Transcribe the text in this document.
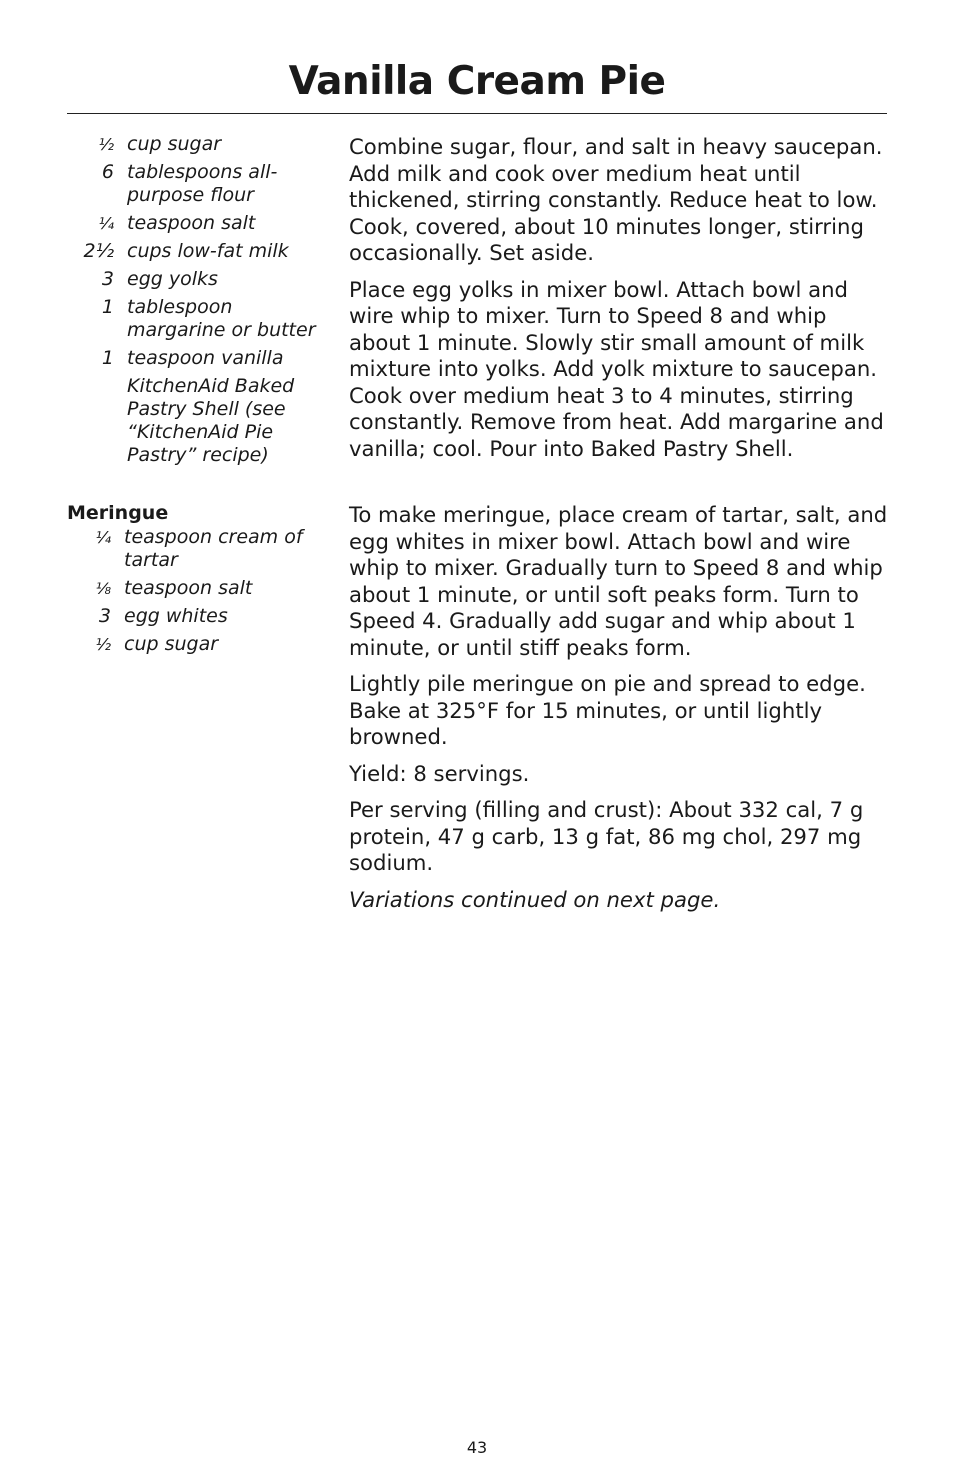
Vanilla Cream Pie
½ cup sugar
6 tablespoons all-purpose flour
¼ teaspoon salt
2½ cups low-fat milk
3 egg yolks
1 tablespoon margarine or butter
1 teaspoon vanilla
KitchenAid Baked Pastry Shell (see “KitchenAid Pie Pastry” recipe)
Meringue
¼ teaspoon cream of tartar
⅛ teaspoon salt
3 egg whites
½ cup sugar

Combine sugar, flour, and salt in heavy saucepan. Add milk and cook over medium heat until thickened, stirring constantly. Reduce heat to low. Cook, covered, about 10 minutes longer, stirring occasionally. Set aside.

Place egg yolks in mixer bowl. Attach bowl and wire whip to mixer. Turn to Speed 8 and whip about 1 minute. Slowly stir small amount of milk mixture into yolks. Add yolk mixture to saucepan. Cook over medium heat 3 to 4 minutes, stirring constantly. Remove from heat. Add margarine and vanilla; cool. Pour into Baked Pastry Shell.

To make meringue, place cream of tartar, salt, and egg whites in mixer bowl. Attach bowl and wire whip to mixer. Gradually turn to Speed 8 and whip about 1 minute, or until soft peaks form. Turn to Speed 4. Gradually add sugar and whip about 1 minute, or until stiff peaks form.

Lightly pile meringue on pie and spread to edge. Bake at 325°F for 15 minutes, or until lightly browned.

Yield: 8 servings.

Per serving (filling and crust): About 332 cal, 7 g protein, 47 g carb, 13 g fat, 86 mg chol, 297 mg sodium.

Variations continued on next page.

43
